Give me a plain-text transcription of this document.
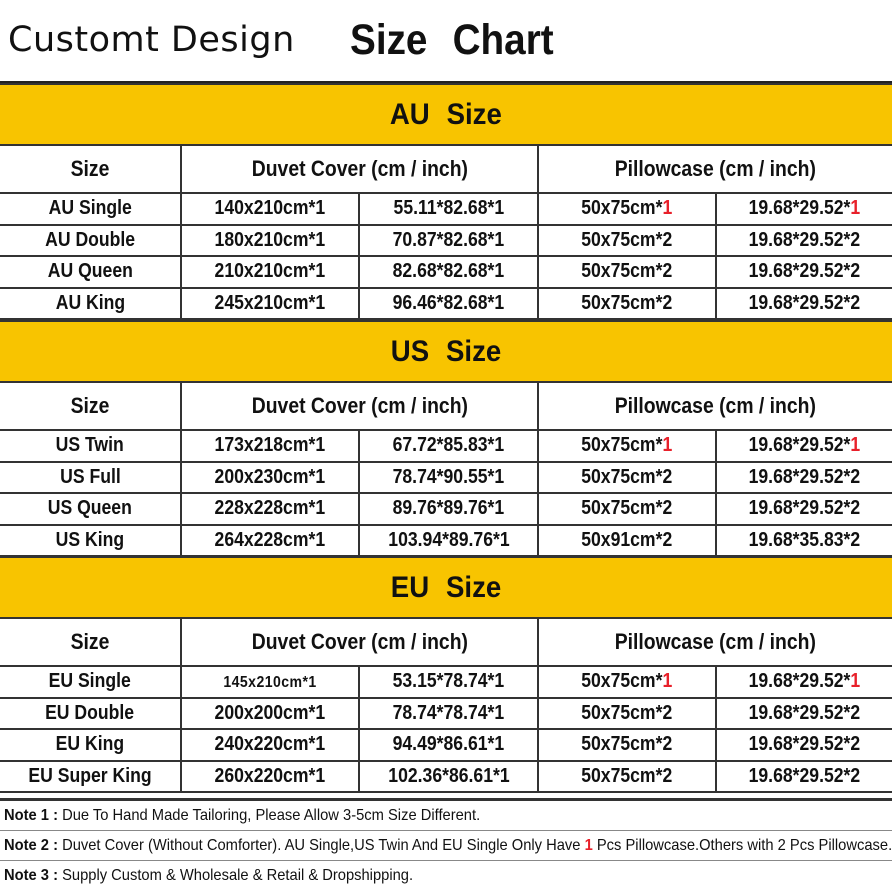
Customt Design Size Chart
AU Size
Size	Duvet Cover (cm / inch)	Pillowcase (cm / inch)
AU Single	140x210cm*1	55.11*82.68*1	50x75cm*1	19.68*29.52*1
AU Double	180x210cm*1	70.87*82.68*1	50x75cm*2	19.68*29.52*2
AU Queen	210x210cm*1	82.68*82.68*1	50x75cm*2	19.68*29.52*2
AU King	245x210cm*1	96.46*82.68*1	50x75cm*2	19.68*29.52*2
US Size
Size	Duvet Cover (cm / inch)	Pillowcase (cm / inch)
US Twin	173x218cm*1	67.72*85.83*1	50x75cm*1	19.68*29.52*1
US Full	200x230cm*1	78.74*90.55*1	50x75cm*2	19.68*29.52*2
US Queen	228x228cm*1	89.76*89.76*1	50x75cm*2	19.68*29.52*2
US King	264x228cm*1	103.94*89.76*1	50x91cm*2	19.68*35.83*2
EU Size
Size	Duvet Cover (cm / inch)	Pillowcase (cm / inch)
EU Single	145x210cm*1	53.15*78.74*1	50x75cm*1	19.68*29.52*1
EU Double	200x200cm*1	78.74*78.74*1	50x75cm*2	19.68*29.52*2
EU King	240x220cm*1	94.49*86.61*1	50x75cm*2	19.68*29.52*2
EU Super King	260x220cm*1	102.36*86.61*1	50x75cm*2	19.68*29.52*2
Note 1 : Due To Hand Made Tailoring, Please Allow 3-5cm Size Different.
Note 2 : Duvet Cover (Without Comforter). AU Single,US Twin And EU Single Only Have 1 Pcs Pillowcase.Others with 2 Pcs Pillowcase.
Note 3 : Supply Custom & Wholesale & Retail & Dropshipping.
